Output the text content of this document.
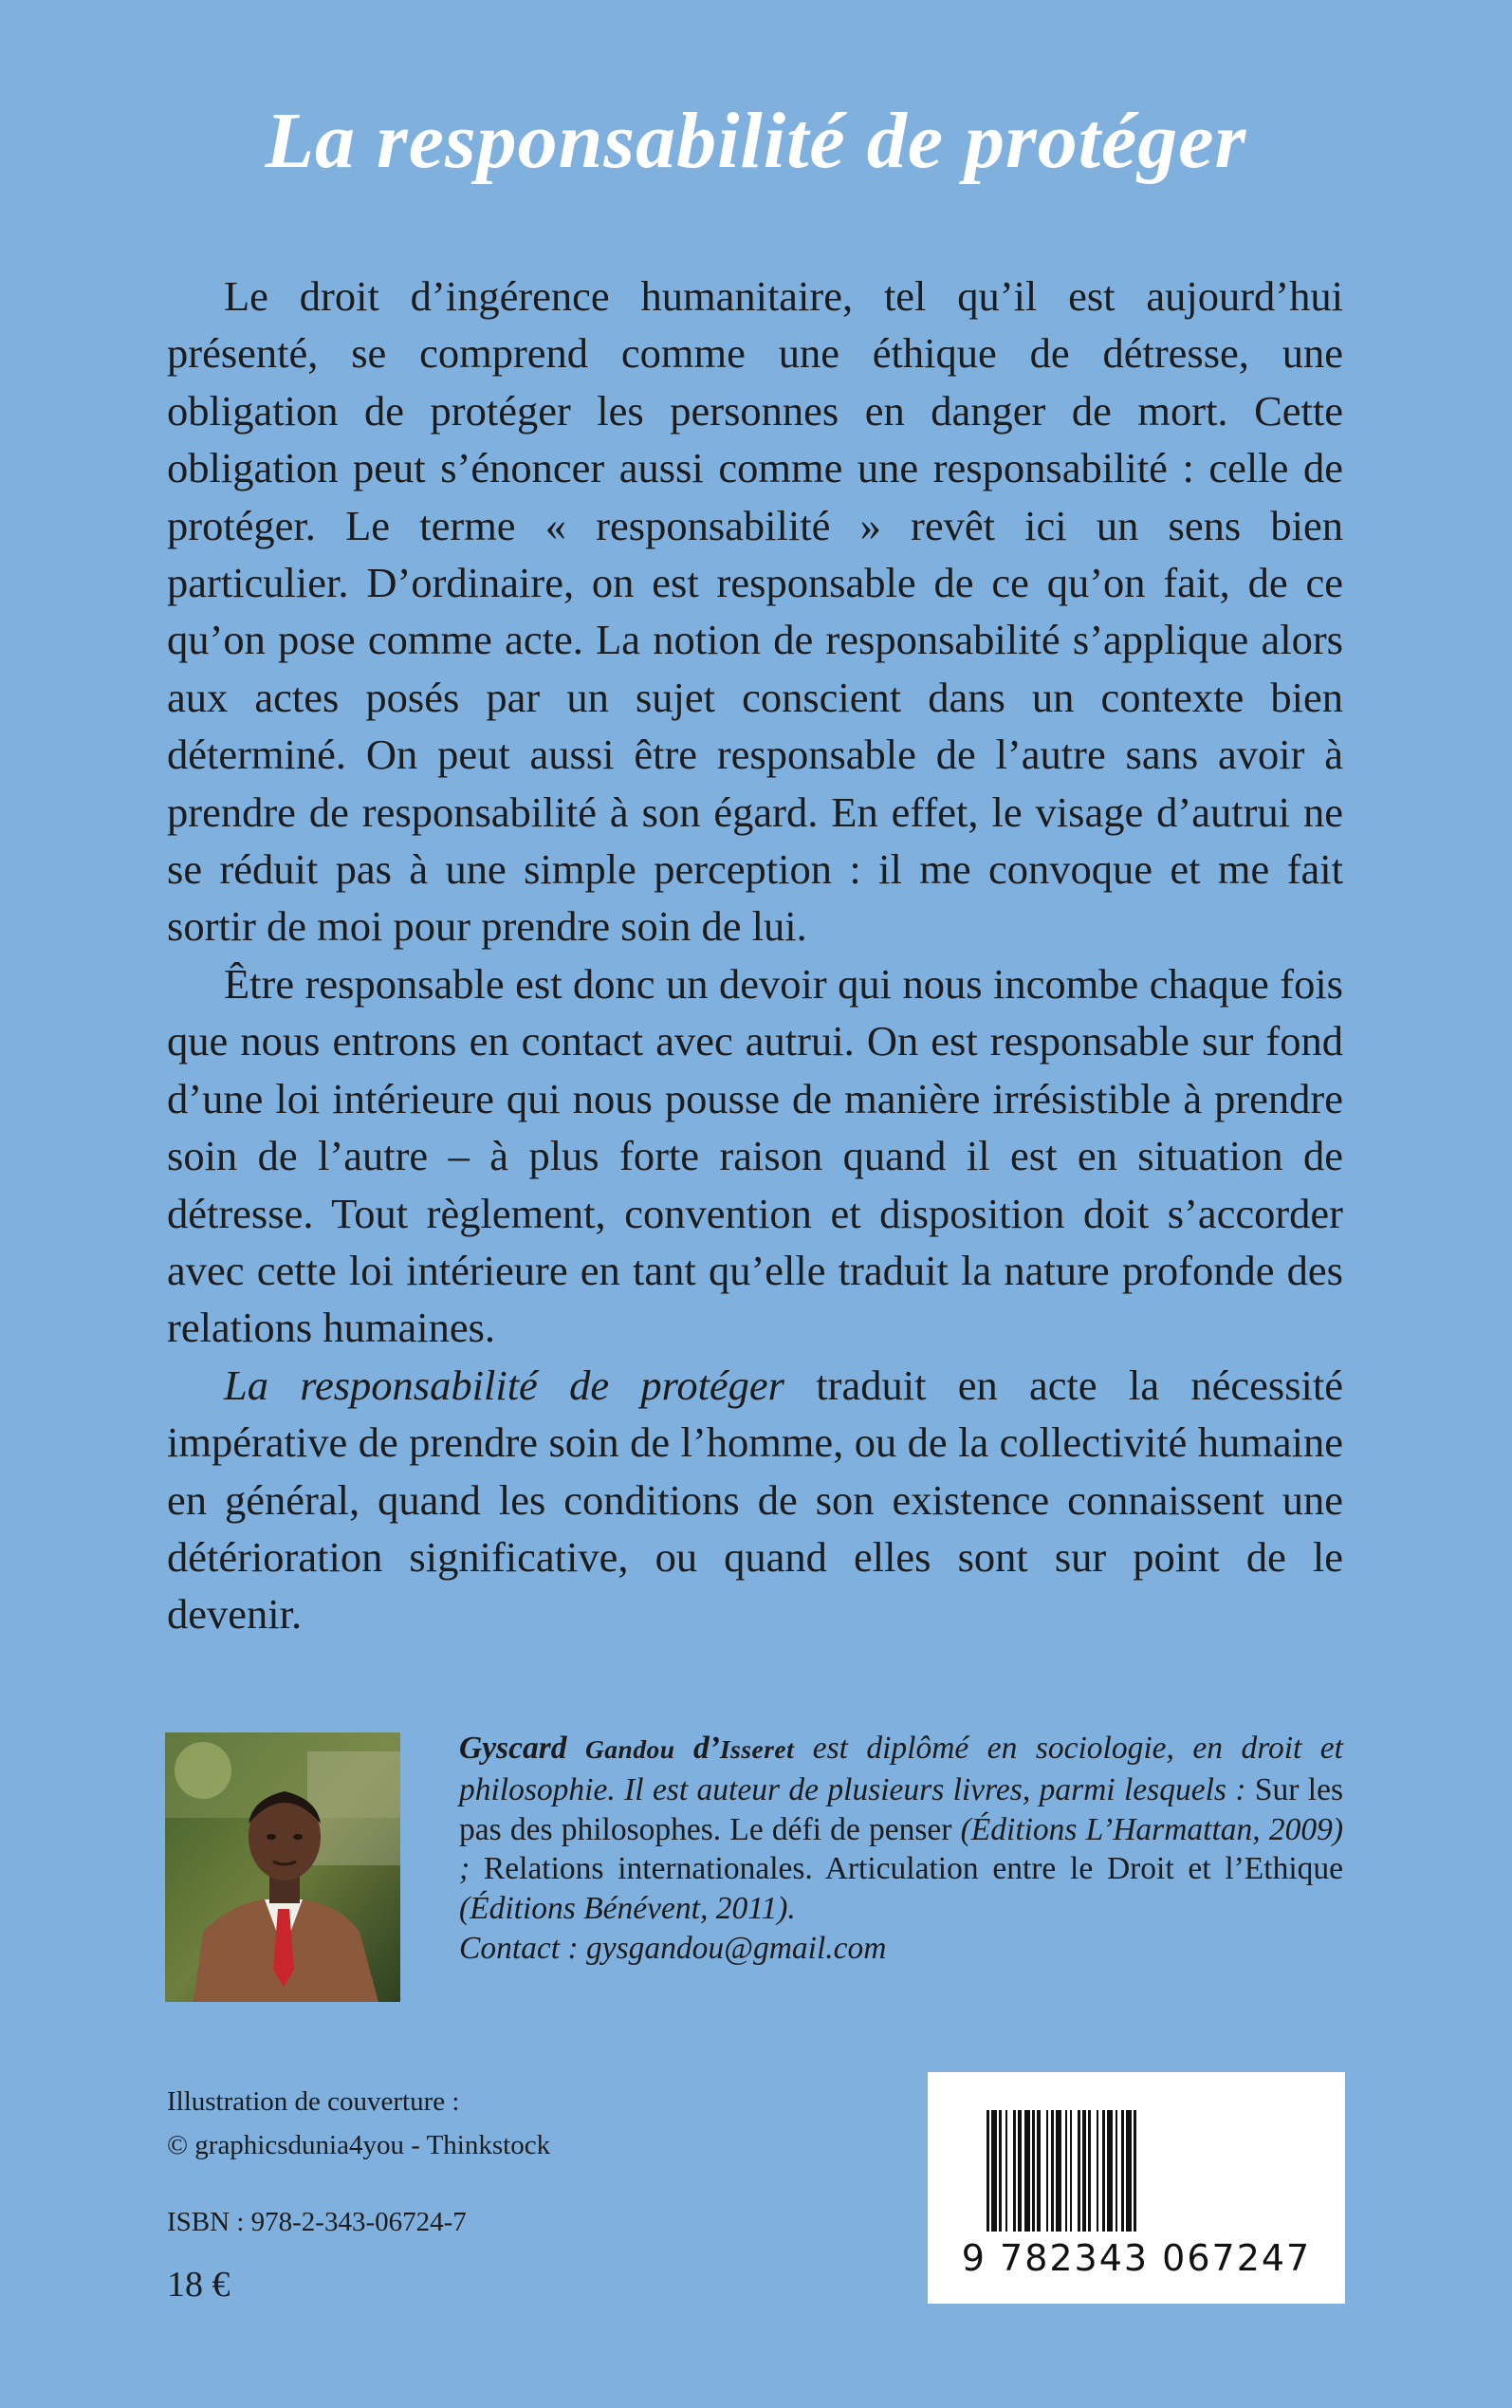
La responsabilité de protéger

Le droit d’ingérence humanitaire, tel qu’il est aujourd’hui présenté, se comprend comme une éthique de détresse, une obligation de protéger les personnes en danger de mort. Cette obligation peut s’énoncer aussi comme une responsabilité : celle de protéger. Le terme « responsabilité » revêt ici un sens bien particulier. D’ordinaire, on est responsable de ce qu’on fait, de ce qu’on pose comme acte. La notion de responsabilité s’applique alors aux actes posés par un sujet conscient dans un contexte bien déterminé. On peut aussi être responsable de l’autre sans avoir à prendre de responsabilité à son égard. En effet, le visage d’autrui ne se réduit pas à une simple perception : il me convoque et me fait sortir de moi pour prendre soin de lui.

Être responsable est donc un devoir qui nous incombe chaque fois que nous entrons en contact avec autrui. On est responsable sur fond d’une loi intérieure qui nous pousse de manière irrésistible à prendre soin de l’autre – à plus forte raison quand il est en situation de détresse. Tout règlement, convention et disposition doit s’accorder avec cette loi intérieure en tant qu’elle traduit la nature profonde des relations humaines.

La responsabilité de protéger traduit en acte la nécessité impérative de prendre soin de l’homme, ou de la collectivité humaine en général, quand les conditions de son existence connaissent une détérioration significative, ou quand elles sont sur point de le devenir.

Gyscard Gandou d’Isseret est diplômé en sociologie, en droit et philosophie. Il est auteur de plusieurs livres, parmi lesquels : Sur les pas des philosophes. Le défi de penser (Éditions L’Harmattan, 2009) ; Relations internationales. Articulation entre le Droit et l’Ethique (Éditions Bénévent, 2011).
Contact : gysgandou@gmail.com
Illustration de couverture :
© graphicsdunia4you - Thinkstock
ISBN : 978-2-343-06724-7
18 €
9 782343 067247
